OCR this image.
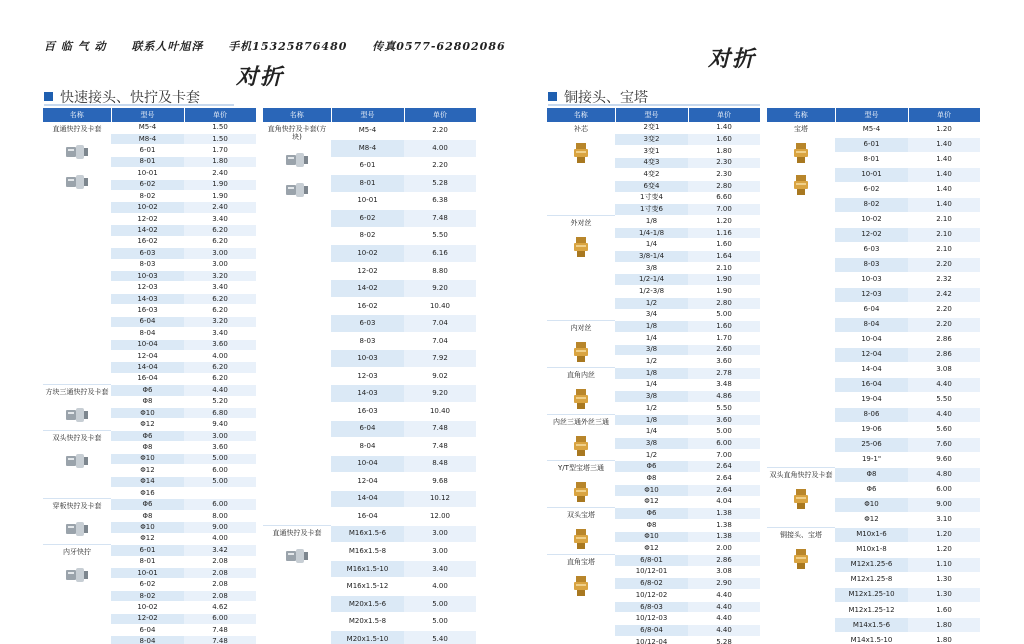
百 临 气 动 联系人叶旭泽 手机15325876480 传真0577-62802086
对折
对折
快速接头、快拧及卡套	铜接头、宝塔
名称	型号	单价

直通快拧及卡套	M5-4	1.50
	M8-4	1.50
	6-01	1.70
	8-01	1.80
	10-01	2.40
	6-02	1.90
	8-02	1.90
	10-02	2.40
	12-02	3.40
	14-02	6.20
	16-02	6.20
	6-03	3.00
	8-03	3.00
	10-03	3.20
	12-03	3.40
	14-03	6.20
	16-03	6.20
	6-04	3.20
	8-04	3.40
	10-04	3.60
	12-04	4.00
	14-04	6.20
	16-04	6.20

方块三通快拧及卡套	Φ6	4.40
	Φ8	5.20
	Φ10	6.80
	Φ12	9.40

双头快拧及卡套	Φ6	3.00
	Φ8	3.60
	Φ10	5.00
	Φ12	6.00
	Φ14	5.00
	Φ16	

穿板快拧及卡套	Φ6	6.00
	Φ8	8.00
	Φ10	9.00
	Φ12	4.00

内牙快拧	6-01	3.42
	8-01	2.08
	10-01	2.08
	6-02	2.08
	8-02	2.08
	10-02	4.62
	12-02	6.00
	6-04	7.48
	8-04	7.48
名称	型号	单价

直角快拧及卡套(方块)	M5-4	2.20
	M8-4	4.00
	6-01	2.20
	8-01	5.28
	10-01	6.38
	6-02	7.48
	8-02	5.50
	10-02	6.16
	12-02	8.80
	14-02	9.20
	16-02	10.40
	6-03	7.04
	8-03	7.04
	10-03	7.92
	12-03	9.02
	14-03	9.20
	16-03	10.40
	6-04	7.48
	8-04	7.48
	10-04	8.48
	12-04	9.68
	14-04	10.12
	16-04	12.00

直通快拧及卡套	M16x1.5-6	3.00
	M16x1.5-8	3.00
	M16x1.5-10	3.40
	M16x1.5-12	4.00
	M20x1.5-6	5.00
	M20x1.5-8	5.00
	M20x1.5-10	5.40
名称	型号	单价

补芯	2变1	1.40
	3变2	1.60
	3变1	1.80
	4变3	2.30
	4变2	2.30
	6变4	2.80
	1寸变4	6.60
	1寸变6	7.00

外对丝	1/8	1.20
	1/4-1/8	1.16
	1/4	1.60
	3/8-1/4	1.64
	3/8	2.10
	1/2-1/4	1.90
	1/2-3/8	1.90
	1/2	2.80
	3/4	5.00

内对丝	1/8	1.60
	1/4	1.70
	3/8	2.60
	1/2	3.60

直角内丝	1/8	2.78
	1/4	3.48
	3/8	4.86
	1/2	5.50

内丝三通外丝三通	1/8	3.60
	1/4	5.00
	3/8	6.00
	1/2	7.00

Y/T型宝塔三通	Φ6	2.64
	Φ8	2.64
	Φ10	2.64
	Φ12	4.04

双头宝塔	Φ6	1.38
	Φ8	1.38
	Φ10	1.38
	Φ12	2.00

直角宝塔	6/8-01	2.86
	10/12-01	3.08
	6/8-02	2.90
	10/12-02	4.40
	6/8-03	4.40
	10/12-03	4.40
	6/8-04	4.40
	10/12-04	5.28
名称	型号	单价

宝塔	M5-4	1.20
	6-01	1.40
	8-01	1.40
	10-01	1.40
	6-02	1.40
	8-02	1.40
	10-02	2.10
	12-02	2.10
	6-03	2.10
	8-03	2.20
	10-03	2.32
	12-03	2.42
	6-04	2.20
	8-04	2.20
	10-04	2.86
	12-04	2.86
	14-04	3.08
	16-04	4.40
	19-04	5.50
	8-06	4.40
	19-06	5.60
	25-06	7.60
	19-1"	9.60

双头直角快拧及卡套	Φ8	4.80
	Φ6	6.00
	Φ10	9.00
	Φ12	3.10

铜接头、宝塔	M10x1-6	1.20
	M10x1-8	1.20
	M12x1.25-6	1.10
	M12x1.25-8	1.30
	M12x1.25-10	1.30
	M12x1.25-12	1.60
	M14x1.5-6	1.80
	M14x1.5-10	1.80
